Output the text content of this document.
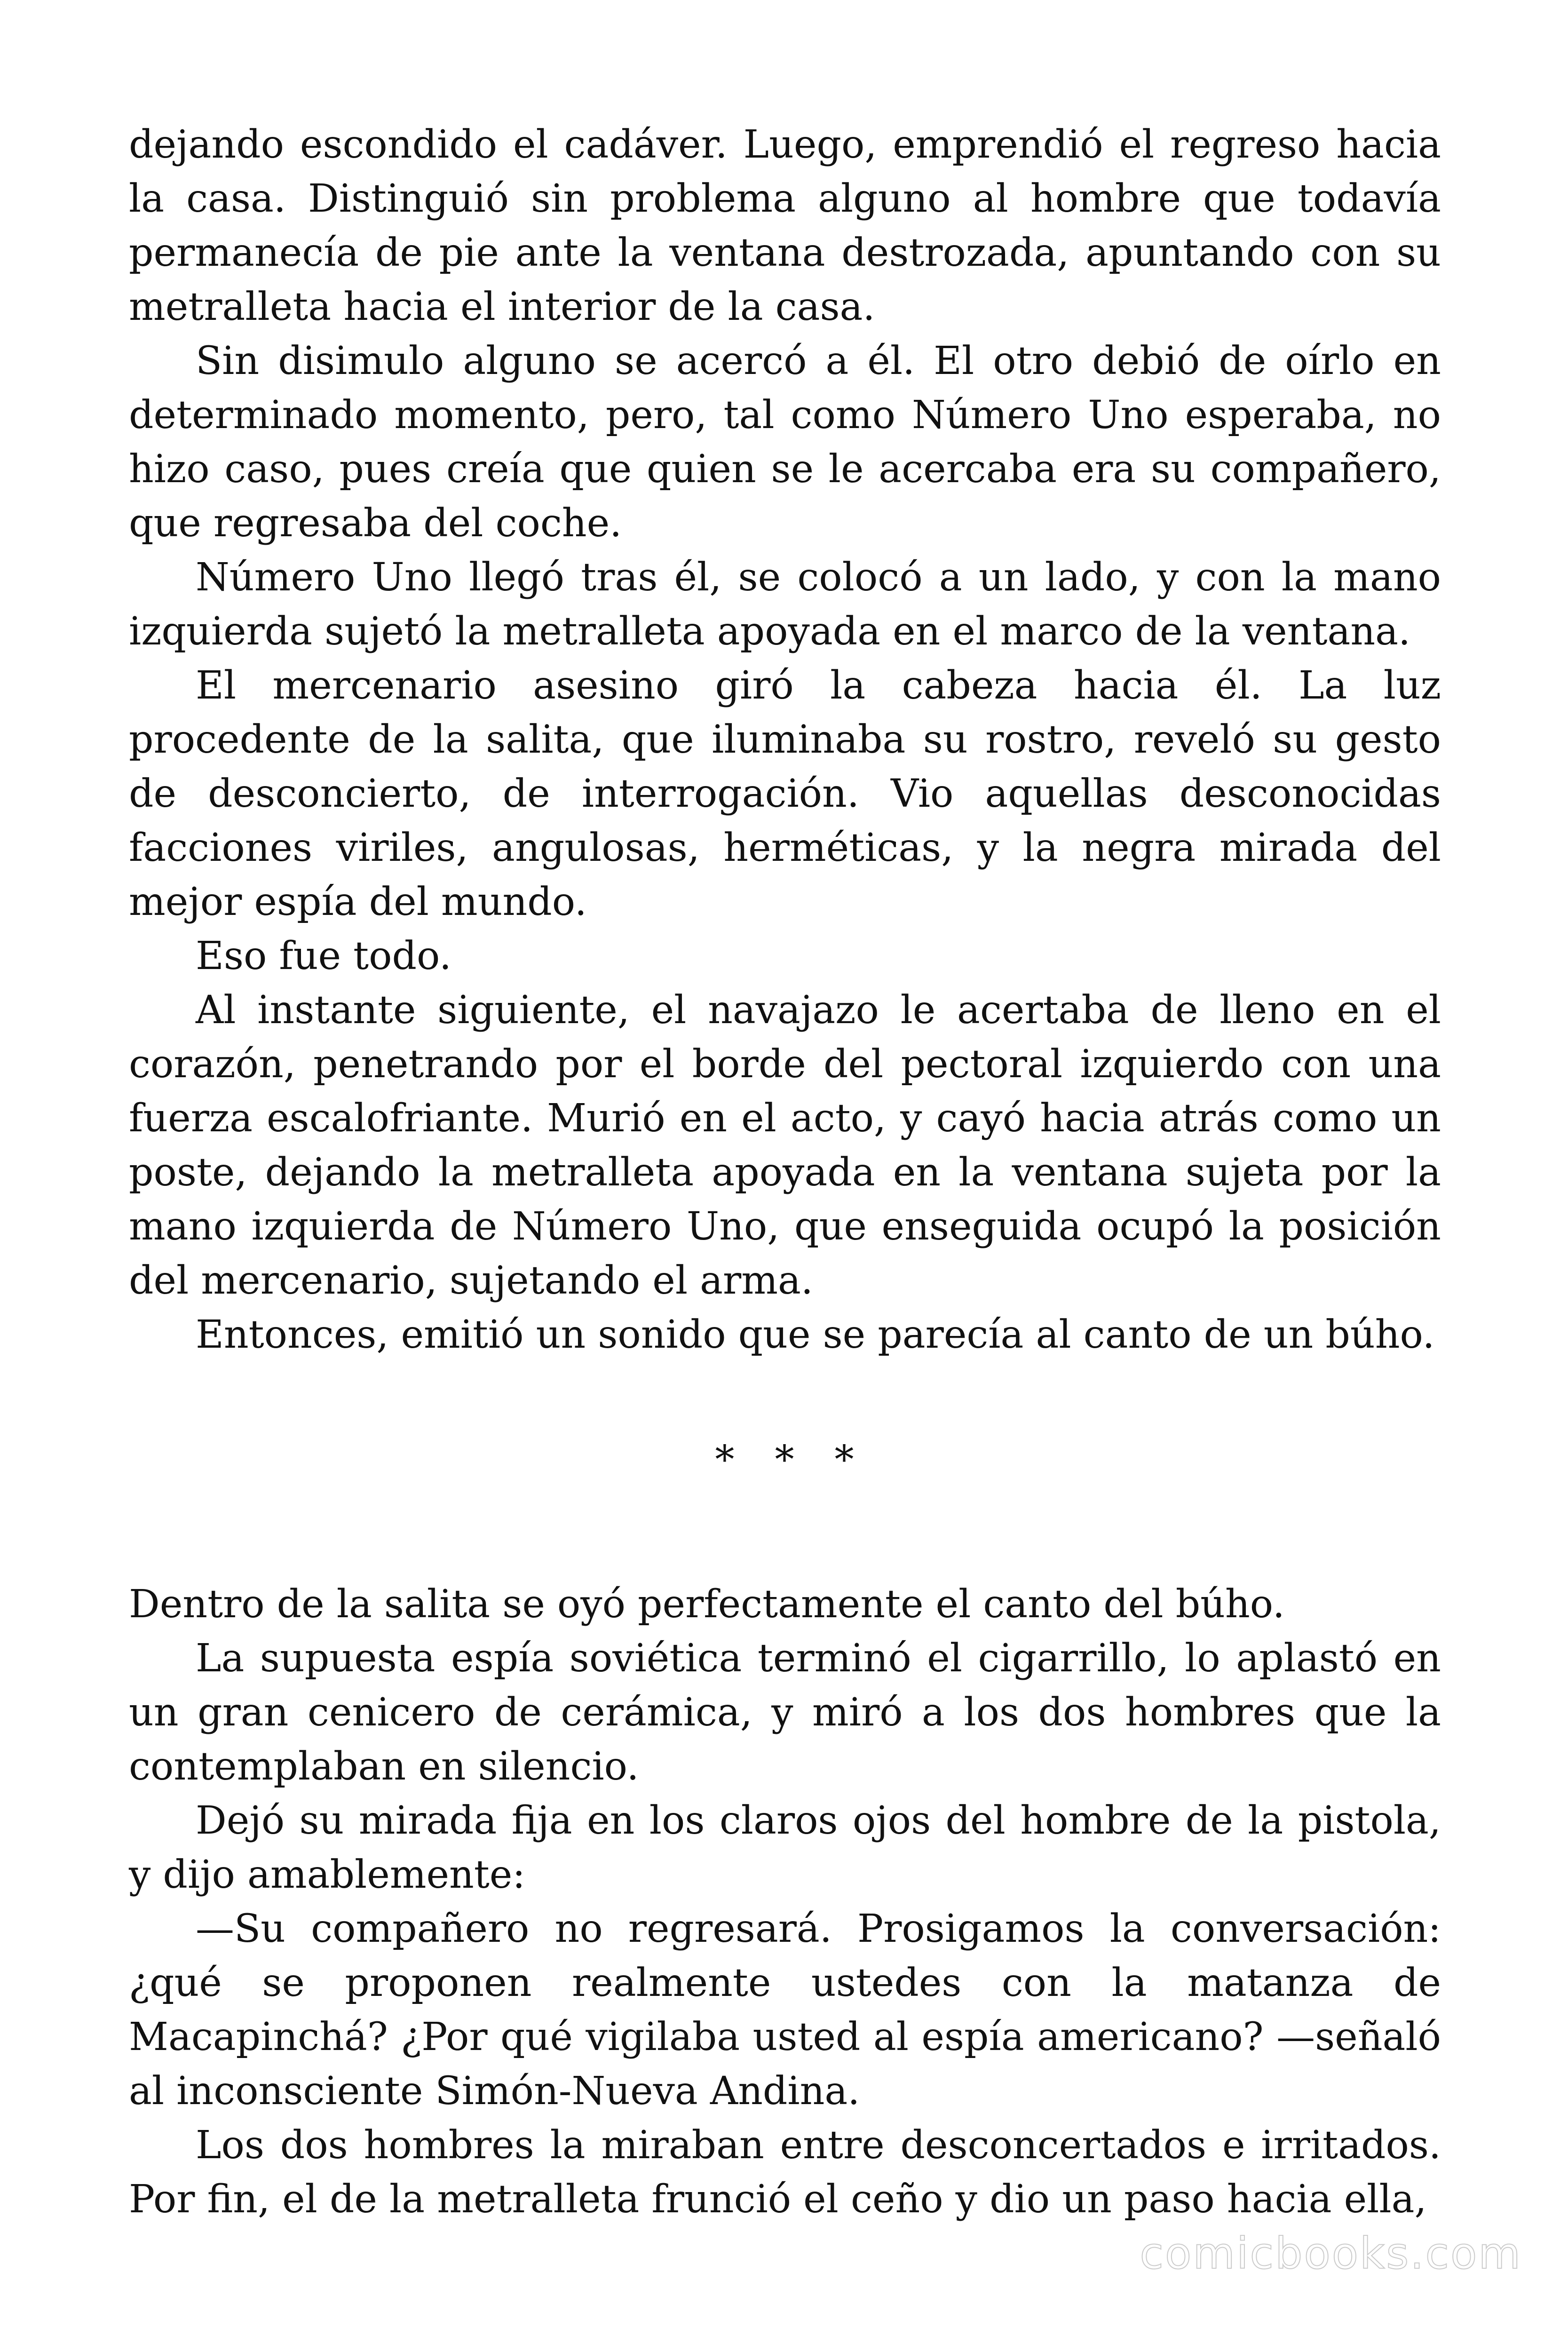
dejando escondido el cadáver. Luego, emprendió el regreso hacia la casa. Distinguió sin problema alguno al hombre que todavía permanecía de pie ante la ventana destrozada, apuntando con su metralleta hacia el interior de la casa.

Sin disimulo alguno se acercó a él. El otro debió de oírlo en determinado momento, pero, tal como Número Uno esperaba, no hizo caso, pues creía que quien se le acercaba era su compañero, que regresaba del coche.

Número Uno llegó tras él, se colocó a un lado, y con la mano izquierda sujetó la metralleta apoyada en el marco de la ventana.

El mercenario asesino giró la cabeza hacia él. La luz procedente de la salita, que iluminaba su rostro, reveló su gesto de desconcierto, de interrogación. Vio aquellas desconocidas facciones viriles, angulosas, herméticas, y la negra mirada del mejor espía del mundo.

Eso fue todo.

Al instante siguiente, el navajazo le acertaba de lleno en el corazón, penetrando por el borde del pectoral izquierdo con una fuerza escalofriante. Murió en el acto, y cayó hacia atrás como un poste, dejando la metralleta apoyada en la ventana sujeta por la mano izquierda de Número Uno, que enseguida ocupó la posición del mercenario, sujetando el arma.

Entonces, emitió un sonido que se parecía al canto de un búho.

* * *

Dentro de la salita se oyó perfectamente el canto del búho.

La supuesta espía soviética terminó el cigarrillo, lo aplastó en un gran cenicero de cerámica, y miró a los dos hombres que la contemplaban en silencio.

Dejó su mirada fija en los claros ojos del hombre de la pistola, y dijo amablemente:

—Su compañero no regresará. Prosigamos la conversación: ¿qué se proponen realmente ustedes con la matanza de Macapinchá? ¿Por qué vigilaba usted al espía americano? —señaló al inconsciente Simón-Nueva Andina.

Los dos hombres la miraban entre desconcertados e irritados. Por fin, el de la metralleta frunció el ceño y dio un paso hacia ella,

comicbooks.com
